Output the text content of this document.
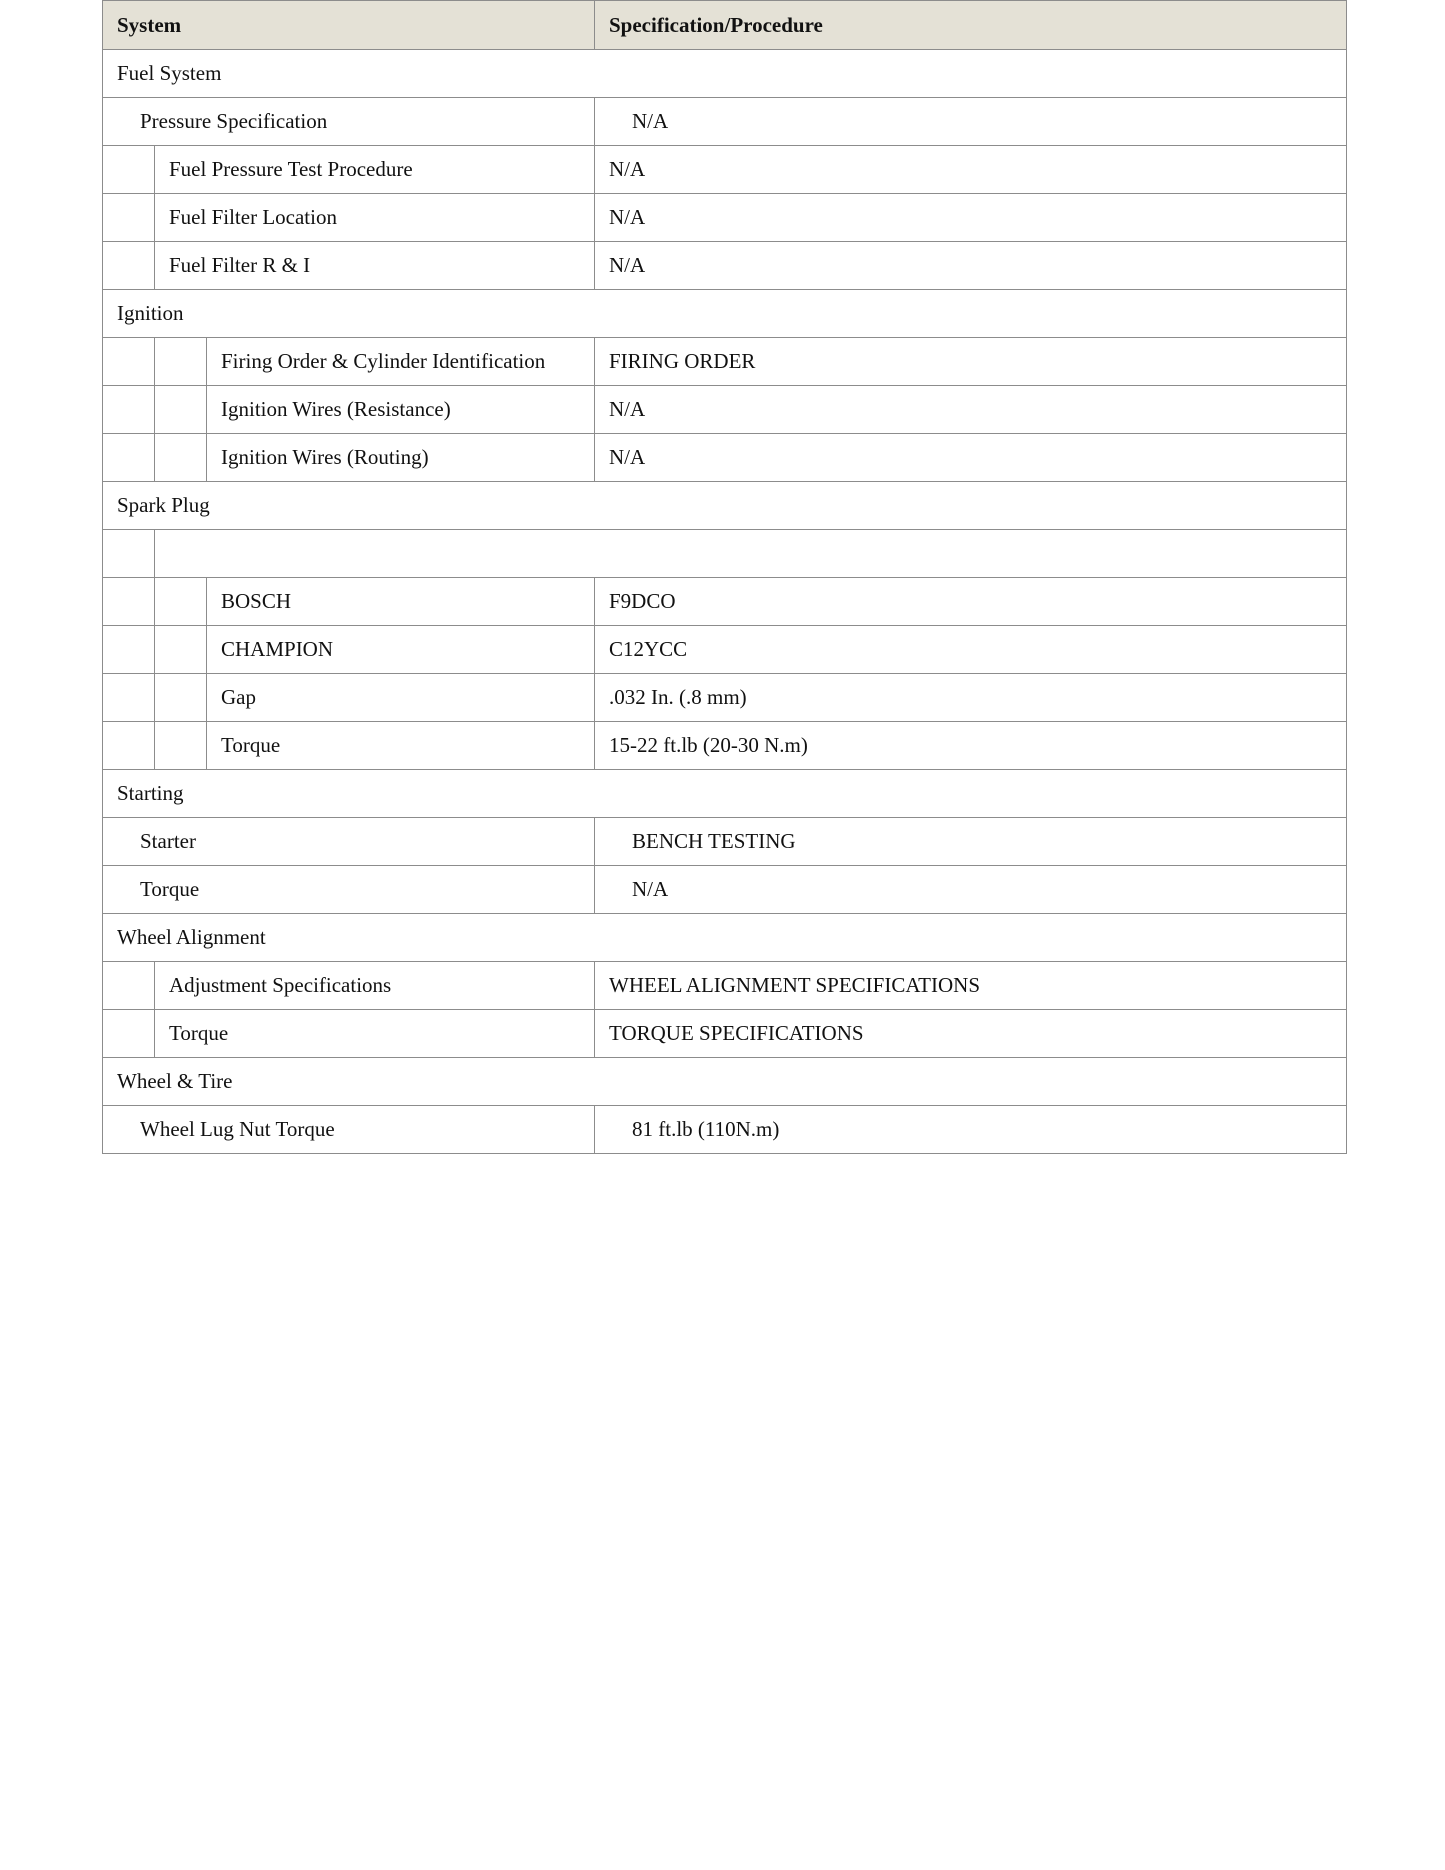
System			Specification/Procedure
Fuel System			
Pressure Specification			N/A
	Fuel Pressure Test Procedure		N/A
	Fuel Filter Location		N/A
	Fuel Filter R & I		N/A
Ignition			
		Firing Order & Cylinder Identification	FIRING ORDER
		Ignition Wires (Resistance)	N/A
		Ignition Wires (Routing)	N/A
Spark Plug			

		BOSCH	F9DCO
		CHAMPION	C12YCC
		Gap	.032 In. (.8 mm)
		Torque	15-22 ft.lb (20-30 N.m)
Starting			
Starter			BENCH TESTING
Torque			N/A
Wheel Alignment			
	Adjustment Specifications		WHEEL ALIGNMENT SPECIFICATIONS
	Torque		TORQUE SPECIFICATIONS
Wheel & Tire			
Wheel Lug Nut Torque			81 ft.lb (110N.m)
